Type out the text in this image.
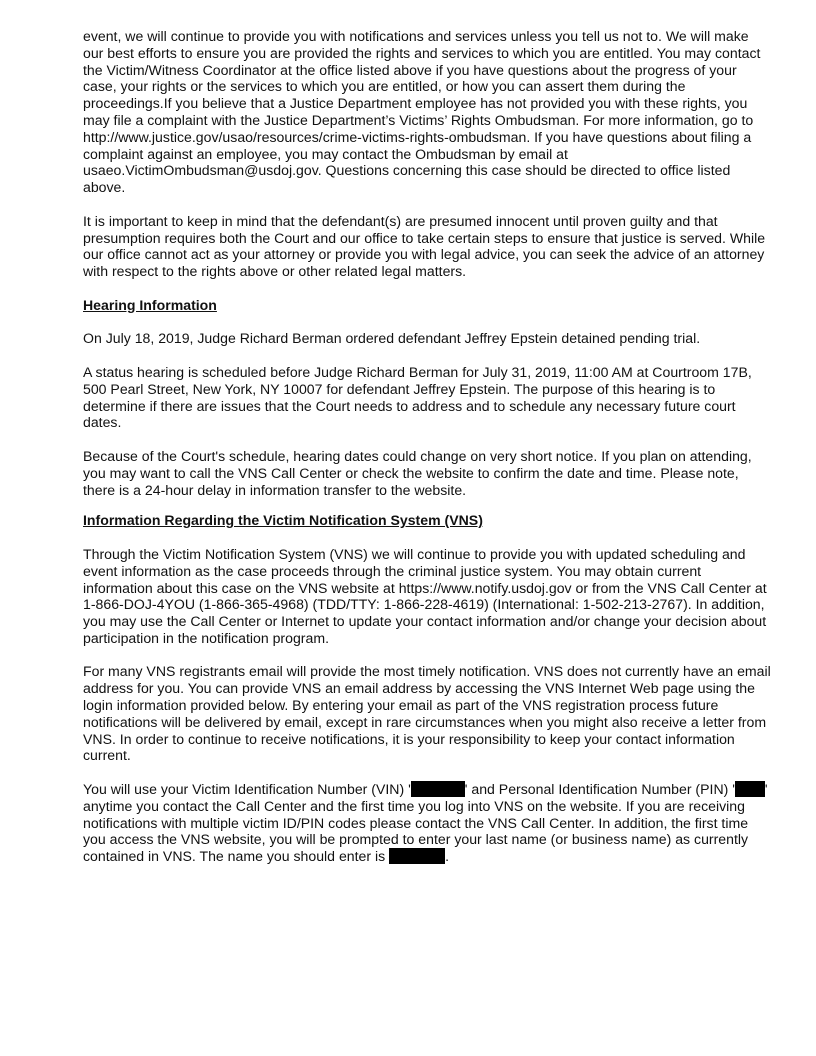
event, we will continue to provide you with notifications and services unless you tell us not to. We will make our best efforts to ensure you are provided the rights and services to which you are entitled. You may contact the Victim/Witness Coordinator at the office listed above if you have questions about the progress of your case, your rights or the services to which you are entitled, or how you can assert them during the proceedings.If you believe that a Justice Department employee has not provided you with these rights, you may file a complaint with the Justice Department’s Victims’ Rights Ombudsman. For more information, go to http://www.justice.gov/usao/resources/crime-victims-rights-ombudsman. If you have questions about filing a complaint against an employee, you may contact the Ombudsman by email at usaeo.VictimOmbudsman@usdoj.gov. Questions concerning this case should be directed to office listed above.

It is important to keep in mind that the defendant(s) are presumed innocent until proven guilty and that presumption requires both the Court and our office to take certain steps to ensure that justice is served. While our office cannot act as your attorney or provide you with legal advice, you can seek the advice of an attorney with respect to the rights above or other related legal matters.

Hearing Information

On July 18, 2019, Judge Richard Berman ordered defendant Jeffrey Epstein detained pending trial.

A status hearing is scheduled before Judge Richard Berman for July 31, 2019, 11:00 AM at Courtroom 17B, 500 Pearl Street, New York, NY 10007 for defendant Jeffrey Epstein. The purpose of this hearing is to determine if there are issues that the Court needs to address and to schedule any necessary future court dates.

Because of the Court's schedule, hearing dates could change on very short notice. If you plan on attending, you may want to call the VNS Call Center or check the website to confirm the date and time. Please note, there is a 24-hour delay in information transfer to the website.

Information Regarding the Victim Notification System (VNS)

Through the Victim Notification System (VNS) we will continue to provide you with updated scheduling and event information as the case proceeds through the criminal justice system. You may obtain current information about this case on the VNS website at https://www.notify.usdoj.gov or from the VNS Call Center at 1-866-DOJ-4YOU (1-866-365-4968) (TDD/TTY: 1-866-228-4619) (International: 1-502-213-2767). In addition, you may use the Call Center or Internet to update your contact information and/or change your decision about participation in the notification program.

For many VNS registrants email will provide the most timely notification. VNS does not currently have an email address for you. You can provide VNS an email address by accessing the VNS Internet Web page using the login information provided below. By entering your email as part of the VNS registration process future notifications will be delivered by email, except in rare circumstances when you might also receive a letter from VNS. In order to continue to receive notifications, it is your responsibility to keep your contact information current.

You will use your Victim Identification Number (VIN) '	' and Personal Identification Number (PIN) ' ' anytime you contact the Call Center and the first time you log into VNS on the website. If you are receiving notifications with multiple victim ID/PIN codes please contact the VNS Call Center. In addition, the first time you access the VNS website, you will be prompted to enter your last name (or business name) as currently contained in VNS. The name you should enter is	.
